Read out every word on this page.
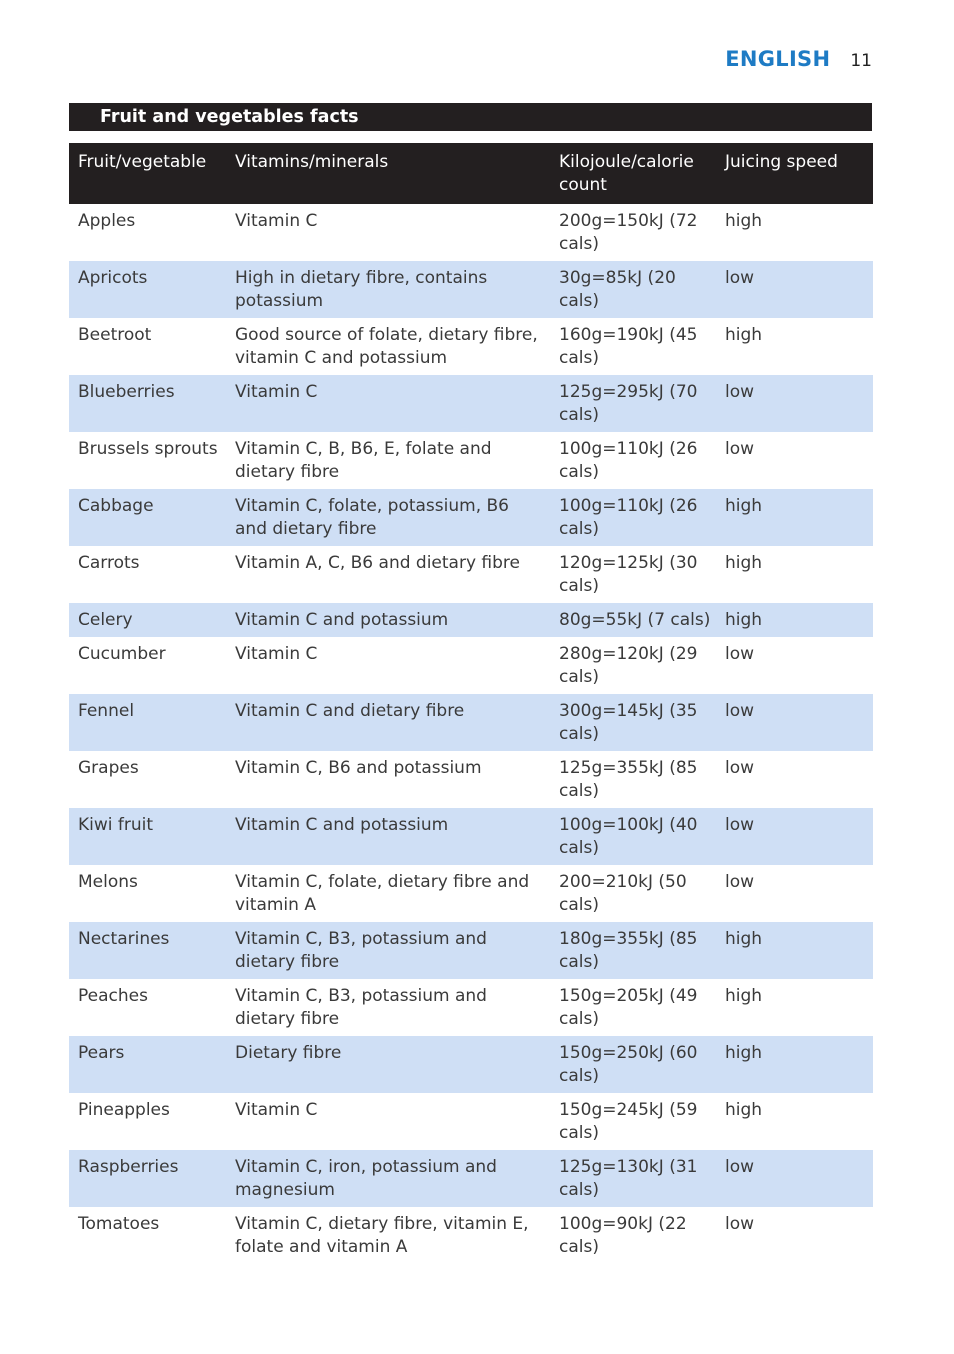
ENGLISH 11
Fruit and vegetables facts
Fruit/vegetable	Vitamins/minerals	Kilojoule/calorie count	Juicing speed
Apples	Vitamin C	200g=150kJ (72 cals)	high
Apricots	High in dietary fibre, contains potassium	30g=85kJ (20 cals)	low
Beetroot	Good source of folate, dietary fibre, vitamin C and potassium	160g=190kJ (45 cals)	high
Blueberries	Vitamin C	125g=295kJ (70 cals)	low
Brussels sprouts	Vitamin C, B, B6, E, folate and dietary fibre	100g=110kJ (26 cals)	low
Cabbage	Vitamin C, folate, potassium, B6 and dietary fibre	100g=110kJ (26 cals)	high
Carrots	Vitamin A, C, B6 and dietary fibre	120g=125kJ (30 cals)	high
Celery	Vitamin C and potassium	80g=55kJ (7 cals)	high
Cucumber	Vitamin C	280g=120kJ (29 cals)	low
Fennel	Vitamin C and dietary fibre	300g=145kJ (35 cals)	low
Grapes	Vitamin C, B6 and potassium	125g=355kJ (85 cals)	low
Kiwi fruit	Vitamin C and potassium	100g=100kJ (40 cals)	low
Melons	Vitamin C, folate, dietary fibre and vitamin A	200=210kJ (50 cals)	low
Nectarines	Vitamin C, B3, potassium and dietary fibre	180g=355kJ (85 cals)	high
Peaches	Vitamin C, B3, potassium and dietary fibre	150g=205kJ (49 cals)	high
Pears	Dietary fibre	150g=250kJ (60 cals)	high
Pineapples	Vitamin C	150g=245kJ (59 cals)	high
Raspberries	Vitamin C, iron, potassium and magnesium	125g=130kJ (31 cals)	low
Tomatoes	Vitamin C, dietary fibre, vitamin E, folate and vitamin A	100g=90kJ (22 cals)	low
